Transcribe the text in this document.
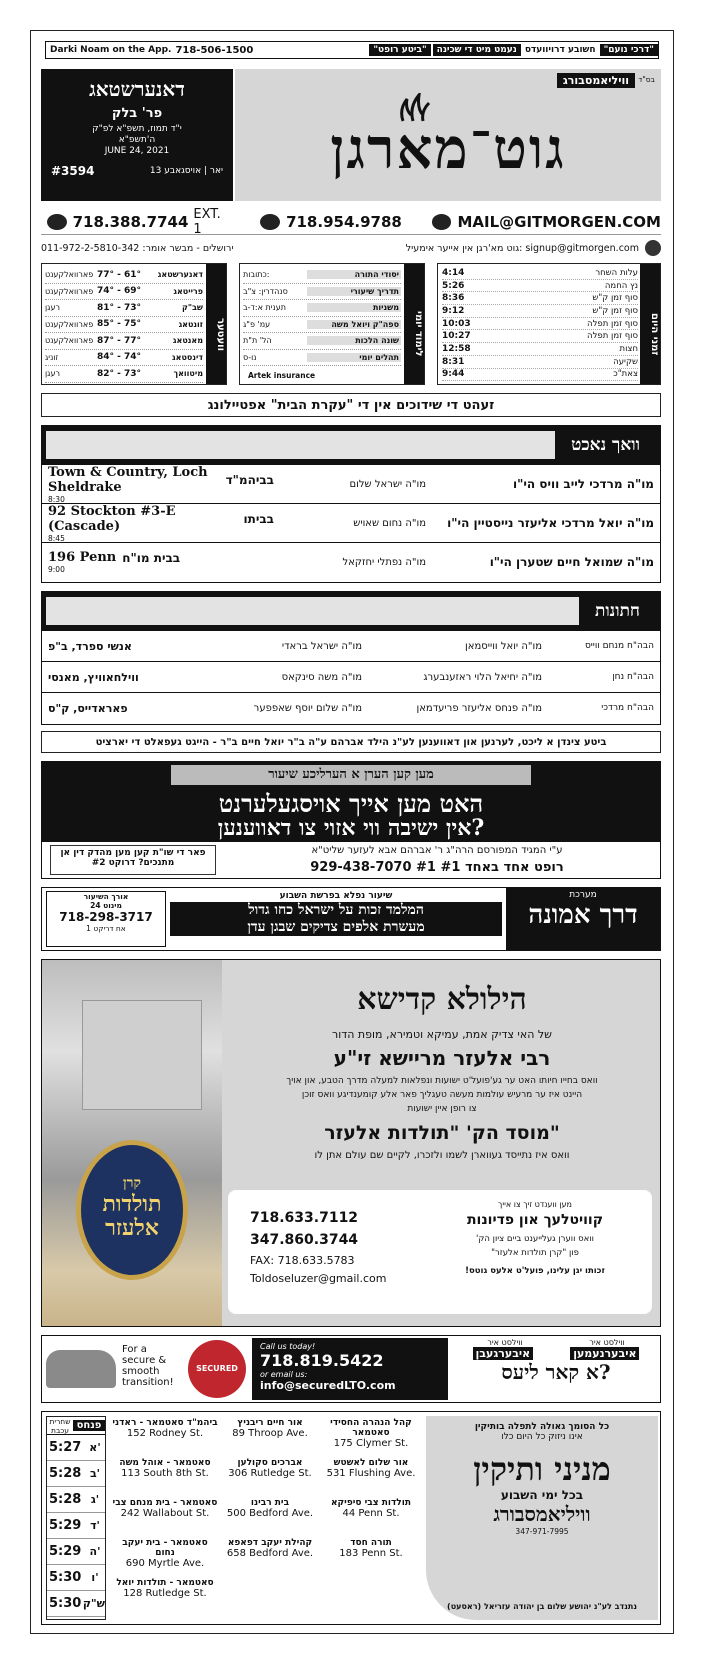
Darki Noam on the App. 718-506-1500	"ביטע רופט"	נעמט מיט די שכינה חשובע דרויוועדס "דרכי נועם"
דאנערשטאג
פר' בלק
י"ד תמוז, תשפ"א לפ"ק
ה'תשפ"א
JUNE 24, 2021
#3594	13 יאר | אויסגאבע
וויליאמסבורג	בס"ד
גוט־מארגן
718.388.7744 EXT. 1	718.954.9788	MAIL@GITMORGEN.COM
ירושלים - מבשר אומר: 011-972-2-5810-342	signup@gitmorgen.com :גוט מא'רגן אין אייער אימעיל
וועטער
פארוואלקענט 77° - 61°	דאנערשטאג
פארוואלקענט 74° - 69°	פרייטאג
רעגן	81° - 73°	שב"ק
פארוואלקענט 85° - 75°	זונטאג
פארוואלקענט 87° - 77°	מאנטאג
זוניג	84° - 74°	דינסטאג
רעגן	82° - 73°	מיטוואך
לימוד יומי
כתובות:	יסודי התורה
סנהדרין: צ"ב	תדריך שיעורי
תענית א:ד-ב	משניות
עמ' פ"ג	ספה"ק ויואל משה
הל' ת"ת	שונה הלכות
נו-ס	תהלים יומי
Artek insurance
זמני היום
4:14	עלות השחר
5:26	נץ החמה
8:36	סוף זמן ק"ש
9:12	סוף זמן ק"ש
10:03	סוף זמן תפלה
10:27	סוף זמן תפלה
12:58	חצות
8:31	שקיעה
9:44	צאת"כ
זעהט די שידוכים אין די "עקרת הבית" אפטיילונג
וואך נאכט
Town & Country, Loch Sheldrake	בביהמ"ד
8:30
מו"ה ישראל שלום	מו"ה מרדכי לייב וויס הי"ו
92 Stockton #3-E (Cascade)	בביתו
8:45
מו"ה נחום שאויש	מו"ה יואל מרדכי אליעזר נייסטיין הי"ו
196 Penn בבית מו"ח
9:00
מו"ה נפתלי יחזקאל	מו"ה שמואל חיים שטערן הי"ו
חתונות
אנשי ספרד, ב"פ	מו"ה ישראל בראדי	מו"ה יואל ווייסמאן	הבה"ח מנחם ווייס
ווילחאוויץ, מאנסי	מו"ה משה סינקאס	מו"ה יחיאל הלוי ראזענבערג	הבה"ח נחן
פאראדייס, ק"ס	מו"ה שלום יוסף שאפפער	מו"ה פנחס אליעזר פריעדמאן	הבה"ח מרדכי
ביטע צינדן א ליכט, לערנען און דאווענען לע"נ הילד אברהם ע"ה ב"ר יואל חיים ב"ר - הייגט געפאלט די יארציט
מען קען הערן א הערליכע שיעור
האט מען אייך אויסגעלערנט
אין ישיבה ווי אזוי צו דאווענען?
פאר די שו"ת קען מען מהדק דין אן מתנכים? דרוקט #2
ע"י המגיד המפורסם הרה"ג ר' אברהם אבא לעזער שליט"א
929-438-7070 #1 רופט אחד באחד #1
אורך השיעור
24 מינוט
718-298-3717
אח דריקט 1
שיעור נפלא בפרשת השבוע
המלמד זכות על ישראל כחו גדול
מעשרת אלפים צדיקים שבגן עדן
מערכת
דרך אמונה
קרן
תולדות אלעזר
הילולא קדישא
של האי צדיק אמת, עמיקא וטמירא, מופת הדור
רבי אלעזר מריישא זי"ע
וואס בחייו חיותו האט ער גע'פועל'ט ישועות ונפלאות למעלה מדרך הטבע, און אויך
היינט איז ער מרעיש עולמות מעשה טעגליך פאר אלע קומענדיגע וואס זוכן
צו רופן איין ישועות
מוסד הק' "תולדות אלעזר"
וואס איז נתייסד געווארן לשמו ולזכרו, לקיים שם עולם אתן לו
718.633.7112
347.860.3744
FAX: 718.633.5783
Toldoseluzer@gmail.com
מען ווענדט זיך צו אייך
קוויטלעך און פדיונות
וואס ווערן געלייענט ביים ציון הק'
פון "קרן תולדות אלעזר"
זכותו יגן עלינו, פועל'ט אלעס גוטס!
For a
secure &
smooth
transition!
SECURED
Call us today!
718.819.5422
or email us:
info@securedLTO.com
ווילסט איר	ווילסט איר
איבערגעבן	איבערנעמען
א קאר ליעס?
שחרית עכבת פנחס
5:27 א'
5:28 ב'
5:28 ג'
5:29 ד'
5:29 ה'
5:30 ו'
5:30 ש"ק
ביהמ"ד סאטמאר - ראדני
152 Rodney St.
סאטמאר - אוהל משה
113 South 8th St.
סאטמאר - בית מנחם צבי
242 Wallabout St.
סאטמאר - בית יעקב נחום
690 Myrtle Ave.
סאטמאר - תולדות יואל
128 Rutledge St.
אור חיים ריבניץ
89 Throop Ave.
אברכים סקולען
306 Rutledge St.
בית רבינו
500 Bedford Ave.
קהילת יעקב דפאפא
658 Bedford Ave.
קהל הנהרה החסידי סאטמאר
175 Clymer St.
אור שלום לאשטש
531 Flushing Ave.
תולדות צבי סיפיקא
44 Penn St.
תורה חסד
183 Penn St.
כל הסומך גאולה לתפלה בותיקין
אינו ניזוק כל היום כלו
מניני ותיקין
בכל ימי השבוע
וויליאמסבורג
347-971-7995
נתנדב לע"נ יהושע שלום בן יהודה עזריאל (ראסעט)
